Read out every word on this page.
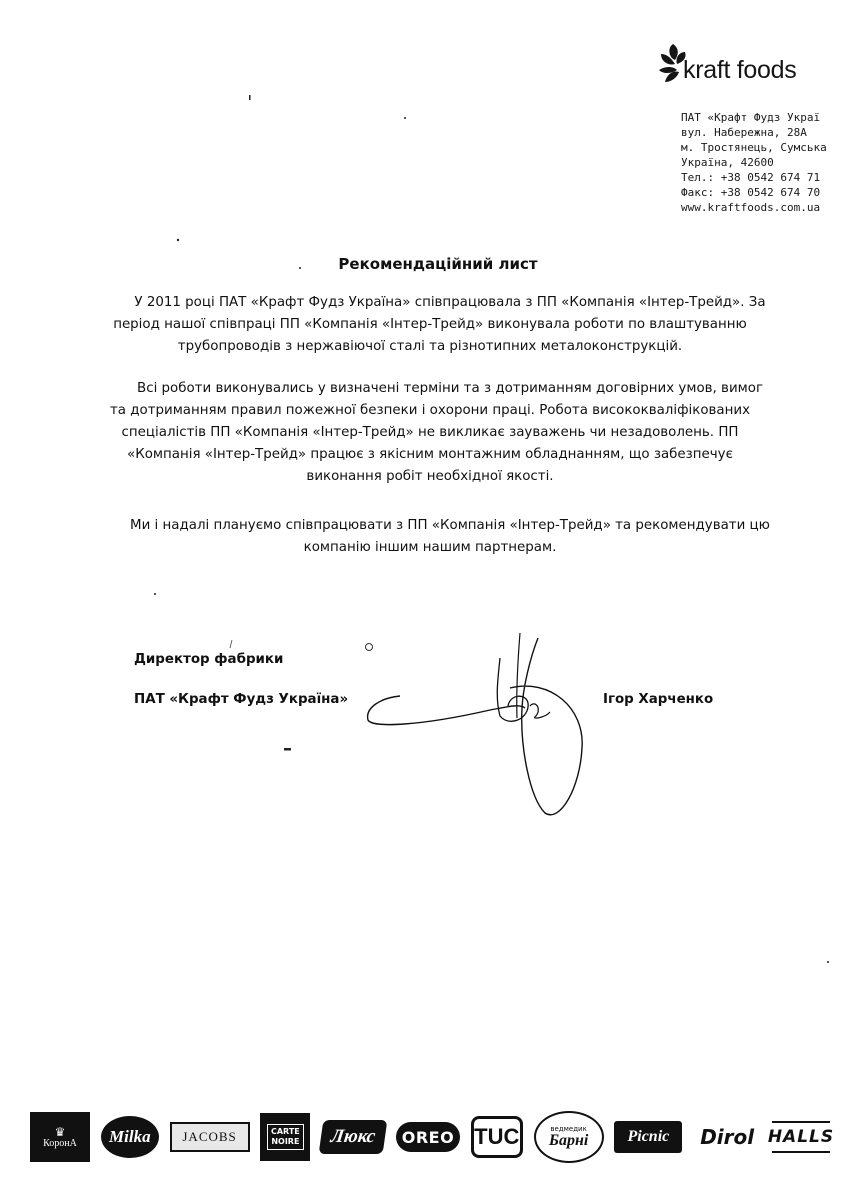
kraft foods
ПАТ «Крафт Фудз Украї
вул. Набережна, 28А
м. Тростянець, Сумська
Україна, 42600
Тел.: +38 0542 674 71
Факс: +38 0542 674 70
www.kraftfoods.com.ua
Рекомендаційний лист

У 2011 році ПАТ «Крафт Фудз Україна» співпрацювала з ПП «Компанія «Інтер-Трейд». За період нашої співпраці ПП «Компанія «Інтер-Трейд» виконувала роботи по влаштуванню трубопроводів з нержавіючої сталі та різнотипних металоконструкцій.

Всі роботи виконувались у визначені терміни та з дотриманням договірних умов, вимог та дотриманням правил пожежної безпеки і охорони праці. Робота висококваліфікованих спеціалістів ПП «Компанія «Інтер-Трейд» не викликає зауважень чи незадоволень. ПП «Компанія «Інтер-Трейд» працює з якісним монтажним обладнанням, що забезпечує виконання робіт необхідної якості.

Ми і надалі плануємо співпрацювати з ПП «Компанія «Інтер-Трейд» та рекомендувати цю компанію іншим нашим партнерам.

Директор фабрики
ПАТ «Крафт Фудз Україна»	Ігор Харченко
♛
КоронА Milka JACOBS	CARTE
NOIRE Люкс OREO TUC	ведмедик
Барні Picnic Dirol HALLS
